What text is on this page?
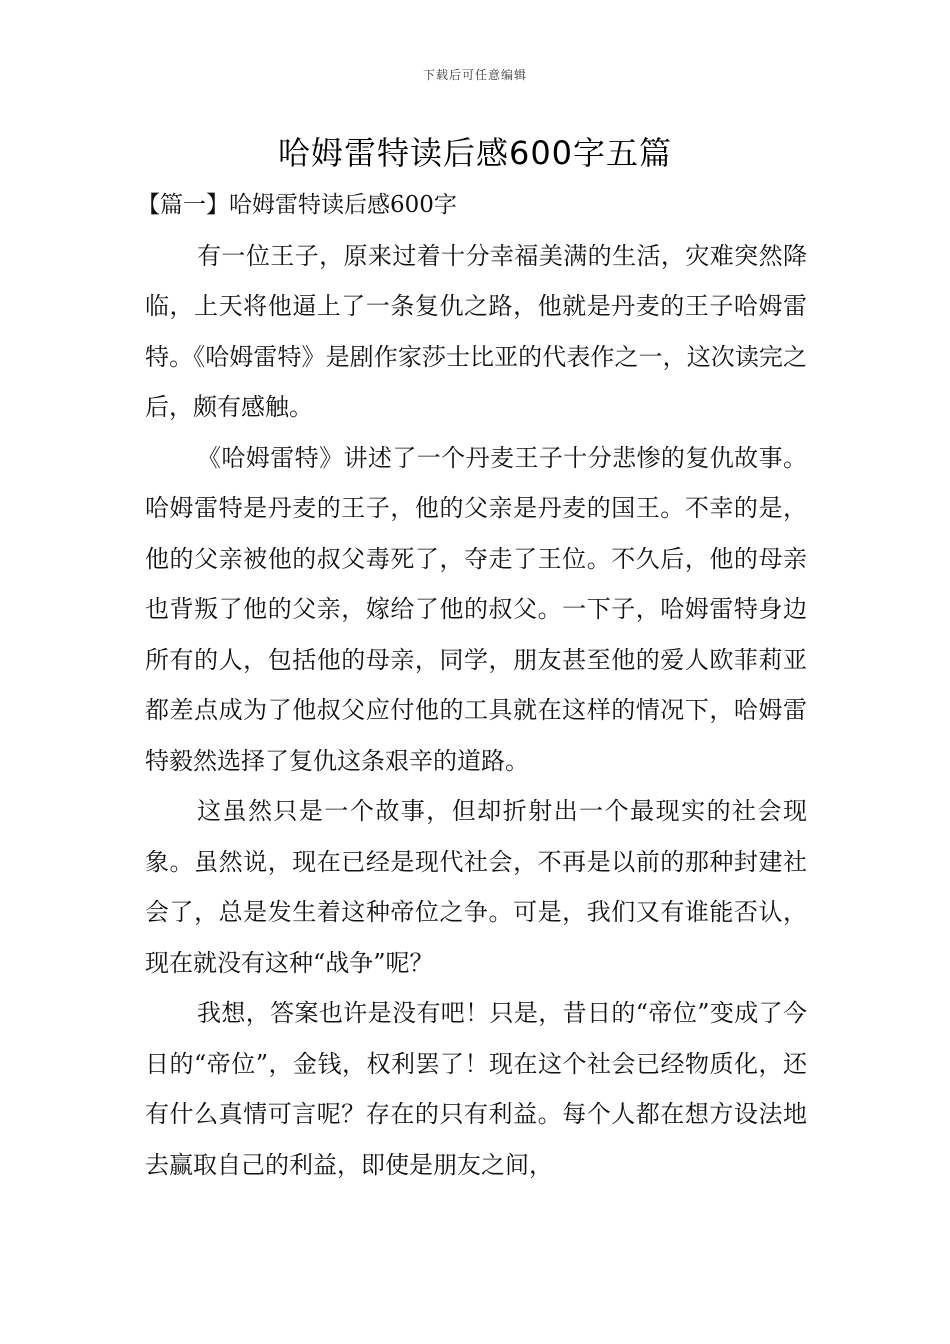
下载后可任意编辑
哈姆雷特读后感600字五篇

【篇一】哈姆雷特读后感600字

有一位王子，原来过着十分幸福美满的生活，灾难突然降临，上天将他逼上了一条复仇之路，他就是丹麦的王子哈姆雷特。《哈姆雷特》是剧作家莎士比亚的代表作之一，这次读完之后，颇有感触。

《哈姆雷特》讲述了一个丹麦王子十分悲惨的复仇故事。哈姆雷特是丹麦的王子，他的父亲是丹麦的国王。不幸的是，他的父亲被他的叔父毒死了，夺走了王位。不久后，他的母亲也背叛了他的父亲，嫁给了他的叔父。一下子，哈姆雷特身边所有的人，包括他的母亲，同学，朋友甚至他的爱人欧菲莉亚都差点成为了他叔父应付他的工具就在这样的情况下，哈姆雷特毅然选择了复仇这条艰辛的道路。

这虽然只是一个故事，但却折射出一个最现实的社会现象。虽然说，现在已经是现代社会，不再是以前的那种封建社会了，总是发生着这种帝位之争。可是，我们又有谁能否认，现在就没有这种“战争”呢？

我想，答案也许是没有吧！只是，昔日的“帝位”变成了今日的“帝位”，金钱，权利罢了！现在这个社会已经物质化，还有什么真情可言呢？存在的只有利益。每个人都在想方设法地去赢取自己的利益，即使是朋友之间，
